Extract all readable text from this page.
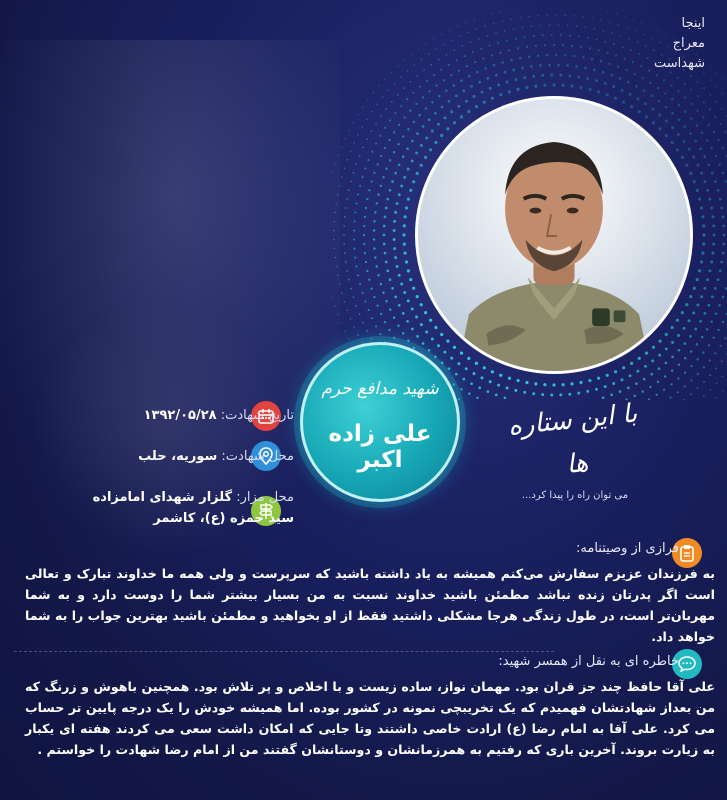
اینجا
معراج
شهداست
با این ستاره ها
می توان راه را پیدا کرد...
شهید مدافع حرم
علی زاده اکبر
تاریخ شهادت: ۱۳۹۲/۰۵/۲۸
محل شهادت: سوریه، حلب
محل مزار: گلزار شهدای امامزاده
سید حمزه (ع)، کاشمر
فرازی از وصیتنامه:
به فرزندان عزیزم سفارش می‌کنم همیشه به یاد داشته باشید که سرپرست و ولی همه ما خداوند تبارک و تعالی است اگر پدرتان زنده نباشد مطمئن باشید خداوند نسبت به من بسیار بیشتر شما را دوست دارد و به شما مهربان‌تر است، در طول زندگی هرجا مشکلی داشتید فقط از او بخواهید و مطمئن باشید بهترین جواب را به شما خواهد داد.
خاطره ای به نقل از همسر شهید:
علی آقا حافظ چند جز قران بود. مهمان نواز، ساده زیست و با اخلاص و پر تلاش بود. همچنین باهوش و زرنگ که من بعداز شهادتشان فهمیدم که یک تخریبچی نمونه در کشور بوده. اما همیشه خودش را یک درجه پایین تر حساب می کرد. علی آقا به امام رضا (ع) ارادت خاصی داشتند وتا جایی که امکان داشت سعی می کردند هفته ای یکبار به زیارت بروند. آخرین باری که رفتیم به همرزمانشان و دوستانشان گفتند من از امام رضا شهادت را خواستم .
